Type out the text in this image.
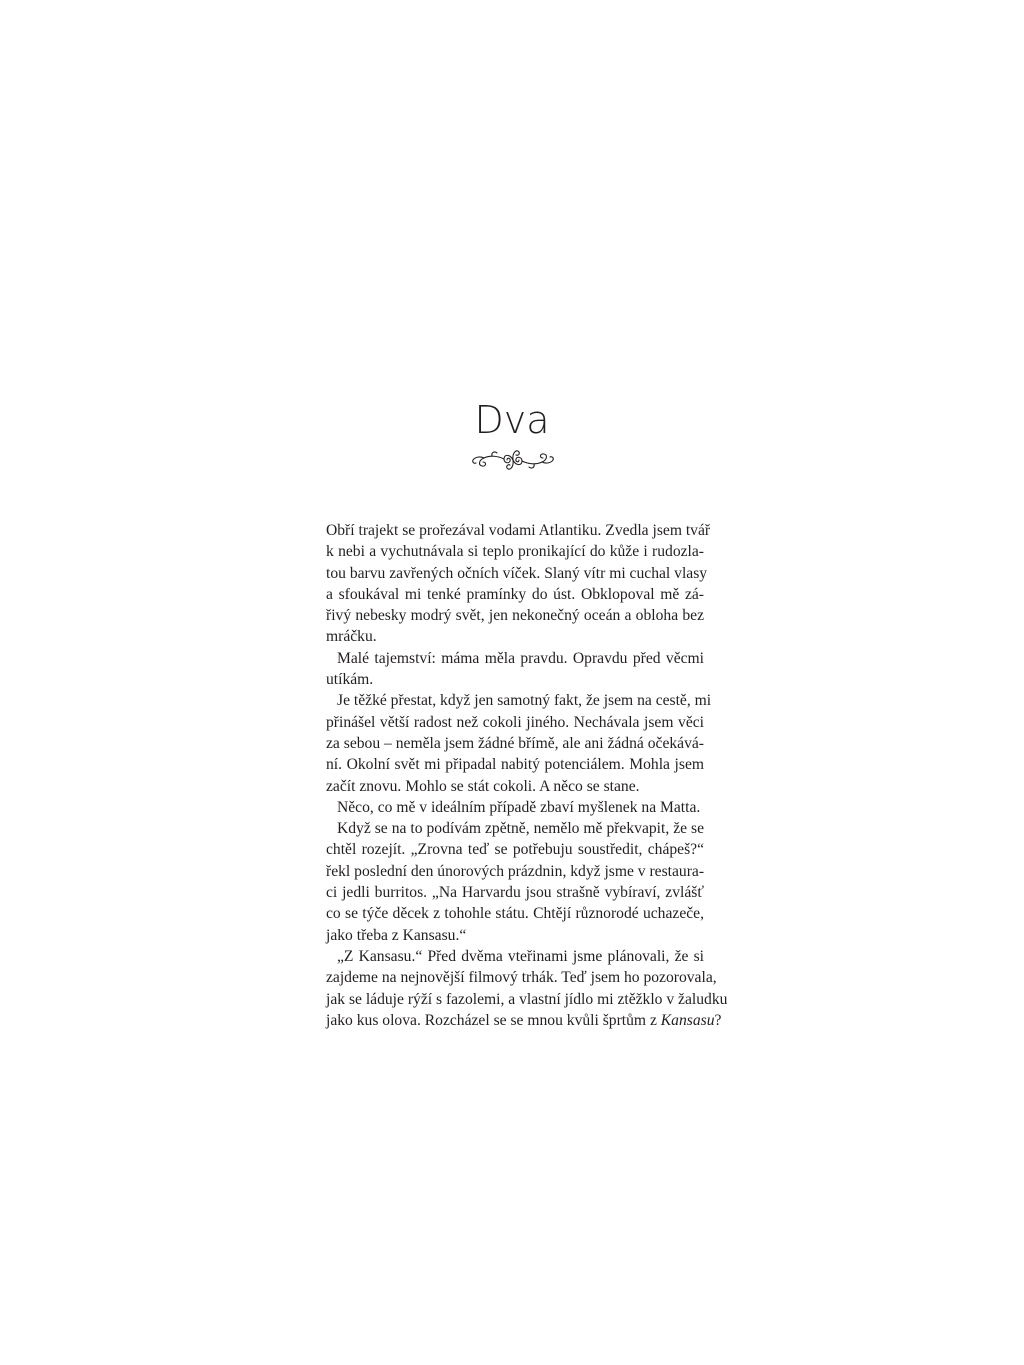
Dva
Obří trajekt se prořezával vodami Atlantiku. Zvedla jsem tvář
k nebi a vychutnávala si teplo pronikající do kůže i rudozla-
tou barvu zavřených očních víček. Slaný vítr mi cuchal vlasy
a sfoukával mi tenké pramínky do úst. Obklopoval mě zá-
řivý nebesky modrý svět, jen nekonečný oceán a obloha bez
mráčku.
Malé tajemství: máma měla pravdu. Opravdu před věcmi
utíkám.
Je těžké přestat, když jen samotný fakt, že jsem na cestě, mi
přinášel větší radost než cokoli jiného. Nechávala jsem věci
za sebou – neměla jsem žádné břímě, ale ani žádná očekává-
ní. Okolní svět mi připadal nabitý potenciálem. Mohla jsem
začít znovu. Mohlo se stát cokoli. A něco se stane.
Něco, co mě v ideálním případě zbaví myšlenek na Matta.
Když se na to podívám zpětně, nemělo mě překvapit, že se
chtěl rozejít. „Zrovna teď se potřebuju soustředit, chápeš?“
řekl poslední den únorových prázdnin, když jsme v restaura-
ci jedli burritos. „Na Harvardu jsou strašně vybíraví, zvlášť
co se týče děcek z tohohle státu. Chtějí různorodé uchazeče,
jako třeba z Kansasu.“
„Z Kansasu.“ Před dvěma vteřinami jsme plánovali, že si
zajdeme na nejnovější filmový trhák. Teď jsem ho pozorovala,
jak se láduje rýží s fazolemi, a vlastní jídlo mi ztěžklo v žaludku
jako kus olova. Rozcházel se se mnou kvůli šprtům z Kansasu?
